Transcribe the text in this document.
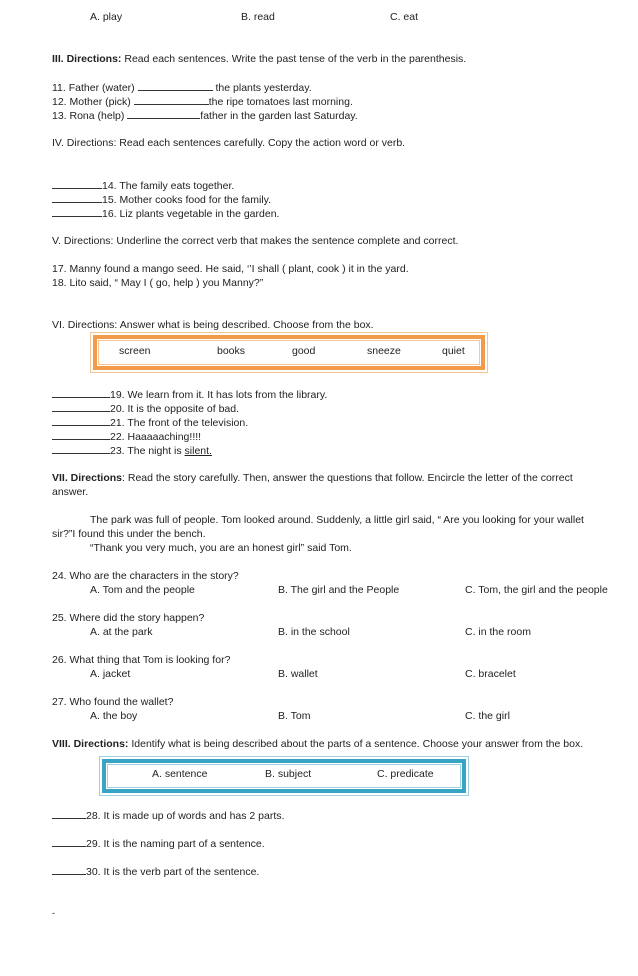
A. play	B. read	C. eat
III. Directions: Read each sentences. Write the past tense of the verb in the parenthesis.
11. Father (water)	the plants yesterday.
12. Mother (pick)	the ripe tomatoes last morning.
13. Rona (help)	father in the garden last Saturday.
IV. Directions: Read each sentences carefully. Copy the action word or verb.
14. The family eats together.
15. Mother cooks food for the family.
16. Liz plants vegetable in the garden.
V. Directions: Underline the correct verb that makes the sentence complete and correct.
17. Manny found a mango seed. He said, ‘’I shall ( plant, cook ) it in the yard.
18. Lito said, “ May I ( go, help ) you Manny?”
VI. Directions: Answer what is being described. Choose from the box.
screen	books	good	sneeze	quiet
19. We learn from it. It has lots from the library.
20. It is the opposite of bad.
21. The front of the television.
22. Haaaaaching!!!!
23. The night is silent.
VII. Directions: Read the story carefully. Then, answer the questions that follow. Encircle the letter of the correct
answer.
The park was full of people. Tom looked around. Suddenly, a little girl said, “ Are you looking for your wallet
sir?”I found this under the bench.
“Thank you very much, you are an honest girl” said Tom.
24. Who are the characters in the story?
A. Tom and the people	B. The girl and the People	C. Tom, the girl and the people
25. Where did the story happen?
A. at the park	B. in the school	C. in the room
26. What thing that Tom is looking for?
A. jacket	B. wallet	C. bracelet
27. Who found the wallet?
A. the boy	B. Tom	C. the girl
VIII. Directions: Identify what is being described about the parts of a sentence. Choose your answer from the box.
A. sentence	B. subject	C. predicate
28. It is made up of words and has 2 parts.
29. It is the naming part of a sentence.
30. It is the verb part of the sentence.
-
